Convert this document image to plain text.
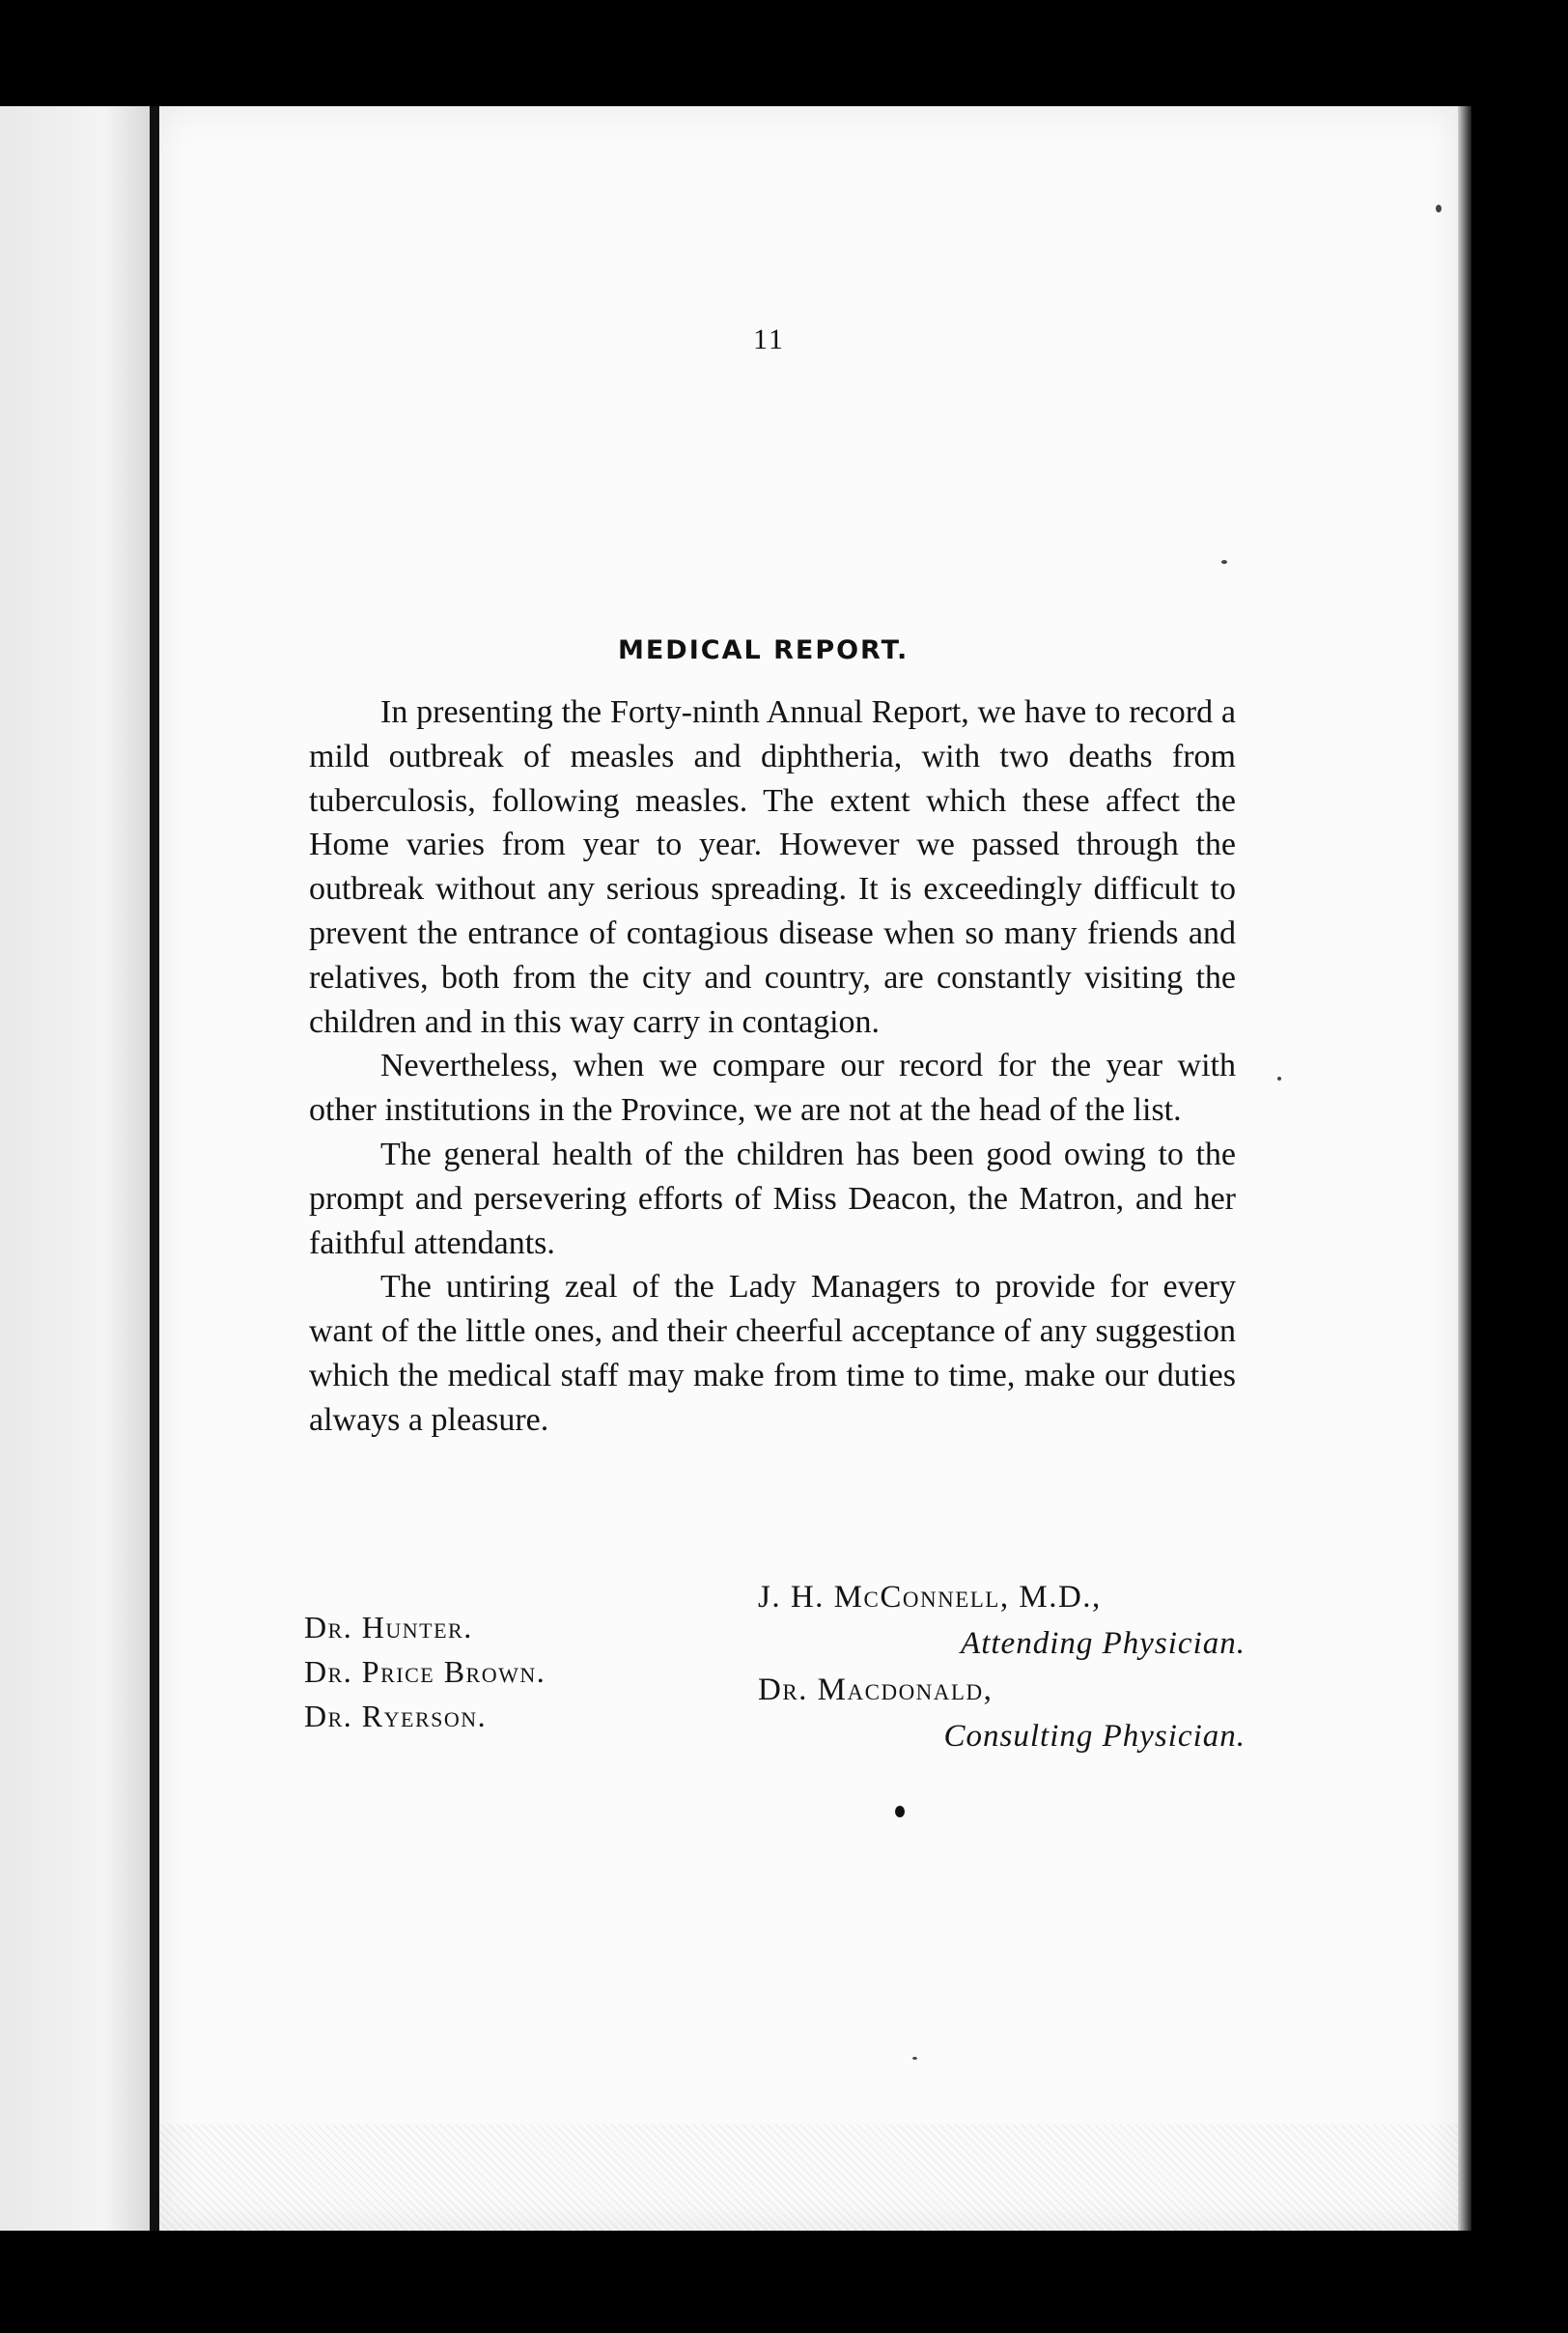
11
MEDICAL REPORT.

In presenting the Forty-ninth Annual Report, we have to record a mild outbreak of measles and diphtheria, with two deaths from tuberculosis, following measles. The extent which these affect the Home varies from year to year. However we passed through the outbreak without any serious spreading. It is exceedingly difficult to prevent the entrance of contagious disease when so many friends and relatives, both from the city and country, are constantly visiting the children and in this way carry in contagion.

Nevertheless, when we compare our record for the year with other institutions in the Province, we are not at the head of the list.

The general health of the children has been good owing to the prompt and persevering efforts of Miss Deacon, the Matron, and her faithful attendants.

The untiring zeal of the Lady Managers to provide for every want of the little ones, and their cheerful acceptance of any suggestion which the medical staff may make from time to time, make our duties always a pleasure.

Dr. Hunter.
Dr. Price Brown.
Dr. Ryerson.
J. H. McConnell, M.D.,
Attending Physician.
Dr. Macdonald,
Consulting Physician.
